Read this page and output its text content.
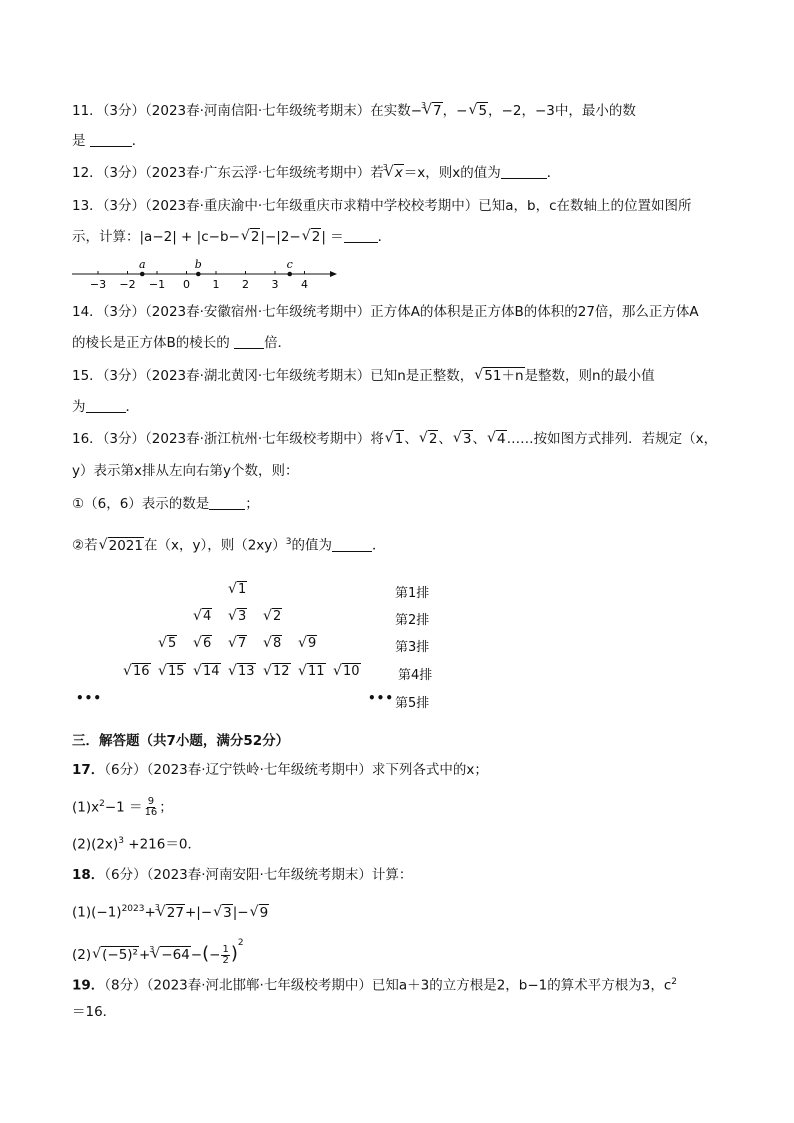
11．（3分）（2023春·河南信阳·七年级统考期末）在实数− √ 3 7，− √ 5，−2，−3中，最小的数
是	．
12．（3分）（2023春·广东云浮·七年级统考期中）若 √ 3 x＝x，则x的值为	．
13．（3分）（2023春·重庆渝中·七年级重庆市求精中学校校考期中）已知a，b，c在数轴上的位置如图所
示，计算：|a−2| + |c−b− √ 2|−|2− √ 2| ＝	．
−3 −2 −1 0 1 2 3 4
a	b	c
14．（3分）（2023春·安徽宿州·七年级统考期中）正方体A的体积是正方体B的体积的27倍，那么正方体A
的棱长是正方体B的棱长的	倍．
15．（3分）（2023春·湖北黄冈·七年级统考期末）已知n是正整数， √ 51＋n是整数，则n的最小值
为	．
16．（3分）（2023春·浙江杭州·七年级校考期中）将 √ 1、 √ 2、 √ 3、 √ 4……按如图方式排列．若规定（x，
y）表示第x排从左向右第y个数，则：
①（6，6）表示的数是	；
②若 √ 2021在（x，y），则$(2xy)^3$的值为	．
√ 1	第1排
√ 4	√ 3	√ 2	第2排
√ 5	√ 6	√ 7	√ 8	√ 9	第3排
√ 16	√ 15	√ 14	√ 13	√ 12	√ 11	√ 10	第4排
第5排
•••	•••
三．解答题（共7小题，满分52分）
17．（6分）（2023春·辽宁铁岭·七年级统考期中）求下列各式中的x；
$(1)x^2-1 = \frac{9}{16}$ ；
$(2)(2x)^3 +216=0$．
18．（6分）（2023春·河南安阳·七年级统考期末）计算：
$(1)(-1)^{2023}+$ √ 3 27+|− √ 3|− √ 9
(2) √ (−5)²+ √ $3 -64-(- \frac{1}{2} )^2$
19．（8分）（2023春·河北邯郸·七年级校考期中）已知a＋3的立方根是2，b−1的算术平方根为3，$c^2$
＝16．
